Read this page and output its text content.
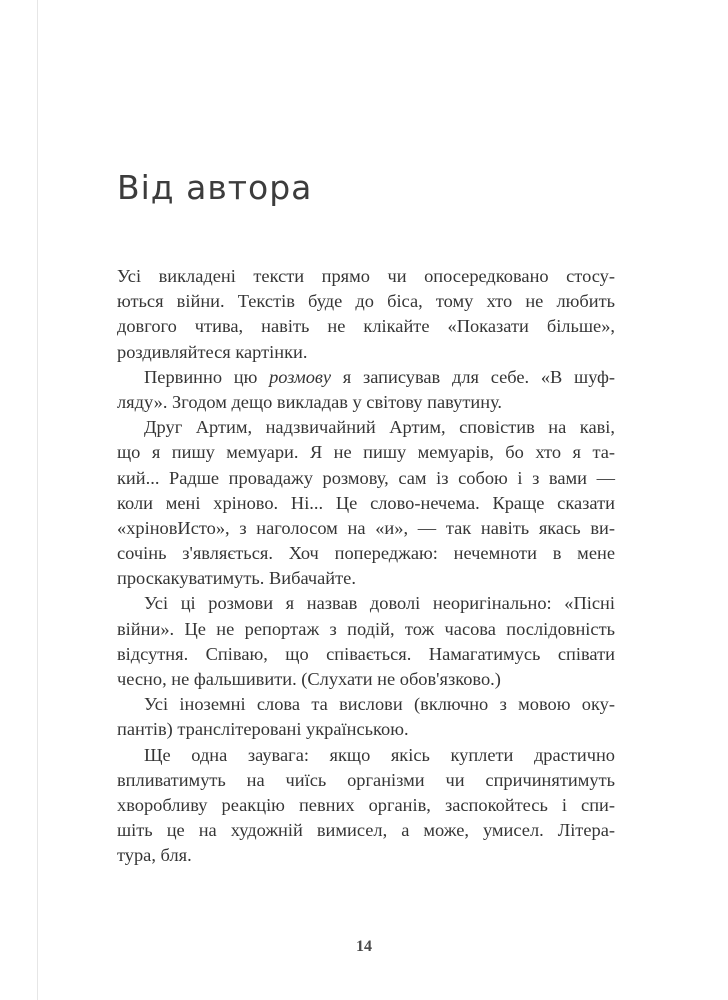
Від автора
Усі викладені тексти прямо чи опосередковано стосу-
ються війни. Текстів буде до біса, тому хто не любить
довгого чтива, навіть не клікайте «Показати більше»,
роздивляйтеся картінки.
Первинно цю розмову я записував для себе. «В шуф-
ляду». Згодом дещо викладав у світову павутину.
Друг Артим, надзвичайний Артим, сповістив на каві,
що я пишу мемуари. Я не пишу мемуарів, бо хто я та-
кий... Радше провадажу розмову, сам із собою і з вами —
коли мені хріново. Ні... Це слово-нечема. Краще сказати
«хріновИсто», з наголосом на «и», — так навіть якась ви-
сочінь з'являється. Хоч попереджаю: нечемноти в мене
проскакуватимуть. Вибачайте.
Усі ці розмови я назвав доволі неоригінально: «Пісні
війни». Це не репортаж з подій, тож часова послідовність
відсутня. Співаю, що співається. Намагатимусь співати
чесно, не фальшивити. (Слухати не обов'язково.)
Усі іноземні слова та вислови (включно з мовою оку-
пантів) транслітеровані українською.
Ще одна заувага: якщо якісь куплети драстично
впливатимуть на чиїсь організми чи спричинятимуть
хворобливу реакцію певних органів, заспокойтесь і спи-
шіть це на художній вимисел, а може, умисел. Літера-
тура, бля.
14
